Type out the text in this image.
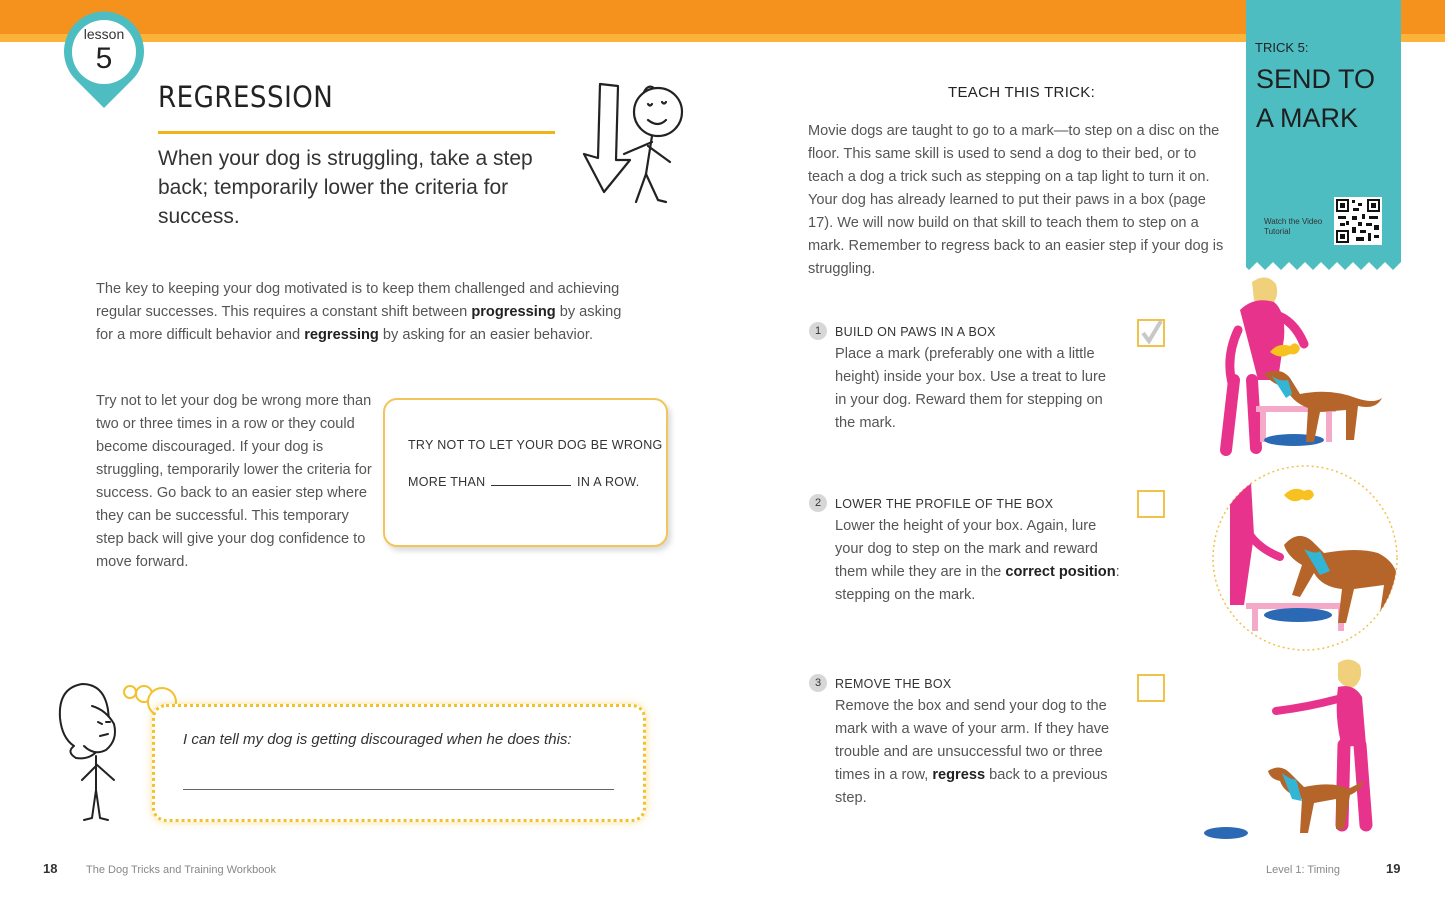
lesson
5
REGRESSION
When your dog is struggling, take a step back; temporarily lower the criteria for success.
The key to keeping your dog motivated is to keep them challenged and achieving regular successes. This requires a constant shift between progressing by asking for a more difficult behavior and regressing by asking for an easier behavior.
Try not to let your dog be wrong more than two or three times in a row or they could become discouraged. If your dog is struggling, temporarily lower the criteria for success. Go back to an easier step where they can be successful. This temporary step back will give your dog confidence to move forward.
TRY NOT TO LET YOUR DOG BE WRONG
MORE THAN	IN A ROW.
I can tell my dog is getting discouraged when he does this:
18	The Dog Tricks and Training Workbook
TEACH THIS TRICK:
Movie dogs are taught to go to a mark—to step on a disc on the floor. This same skill is used to send a dog to their bed, or to teach a dog a trick such as stepping on a tap light to turn it on. Your dog has already learned to put their paws in a box (page 17). We will now build on that skill to teach them to step on a mark. Remember to regress back to an easier step if your dog is struggling.
TRICK 5:
SEND TO A MARK
Watch the Video Tutorial
1	BUILD ON PAWS IN A BOX
Place a mark (preferably one with a little height) inside your box. Use a treat to lure in your dog. Reward them for stepping on the mark.
2	LOWER THE PROFILE OF THE BOX
Lower the height of your box. Again, lure your dog to step on the mark and reward them while they are in the correct position: stepping on the mark.
3	REMOVE THE BOX
Remove the box and send your dog to the mark with a wave of your arm. If they have trouble and are unsuccessful two or three times in a row, regress back to a previous step.
Level 1: Timing	19
